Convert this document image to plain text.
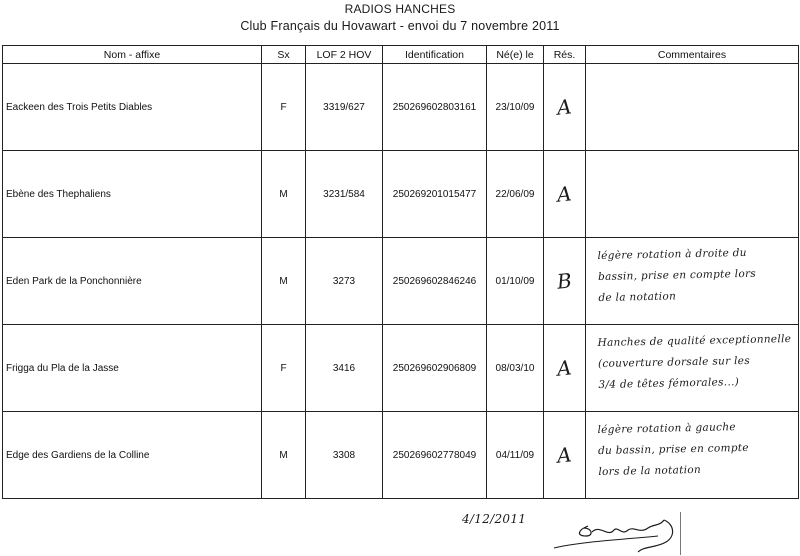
RADIOS HANCHES
Club Français du Hovawart - envoi du 7 novembre 2011
Nom - affixe	Sx	LOF 2 HOV	Identification	Né(e) le	Rés.	Commentaires
Eackeen des Trois Petits Diables	F	3319/627	250269602803161	23/10/09	A	

Ebène des Thephaliens	M	3231/584	250269201015477	22/06/09	A	

Eden Park de la Ponchonnière	M	3273	250269602846246	01/10/09	B	légère rotation à droite du
bassin, prise en compte lors
de la notation

Frigga du Pla de la Jasse	F	3416	250269602906809	08/03/10	A	Hanches de qualité exceptionnelle
(couverture dorsale sur les
3/4 de têtes fémorales...)

Edge des Gardiens de la Colline	M	3308	250269602778049	04/11/09	A	légère rotation à gauche
du bassin, prise en compte
lors de la notation
4/12/2011
